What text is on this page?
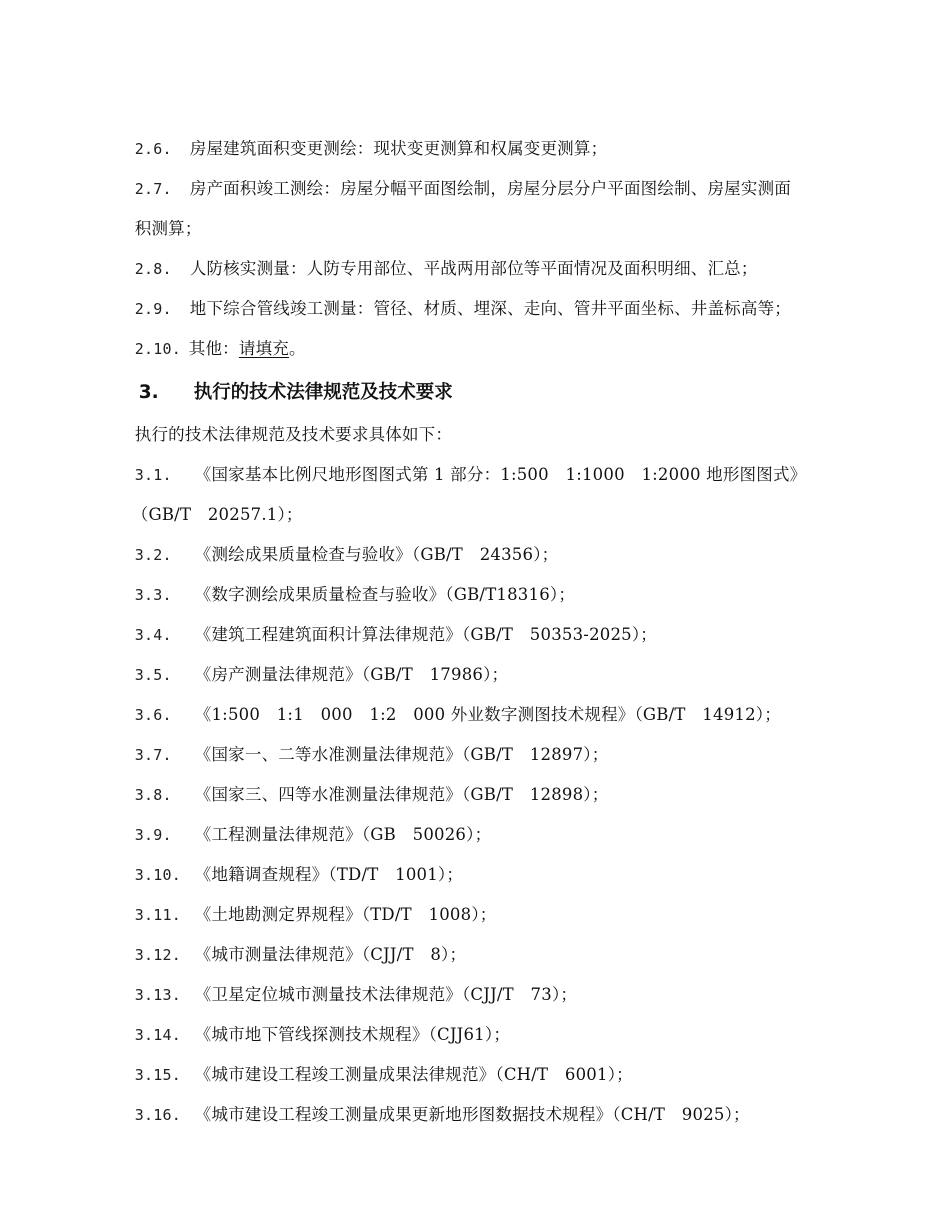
2.6. 房屋建筑面积变更测绘：现状变更测算和权属变更测算；

2.7. 房产面积竣工测绘：房屋分幅平面图绘制，房屋分层分户平面图绘制、房屋实测面

积测算；

2.8. 人防核实测量：人防专用部位、平战两用部位等平面情况及面积明细、汇总；

2.9. 地下综合管线竣工测量：管径、材质、埋深、走向、管井平面坐标、井盖标高等；

2.10. 其他：请填充。

3. 执行的技术法律规范及技术要求

执行的技术法律规范及技术要求具体如下：

3.1. 《国家基本比例尺地形图图式第 1 部分：1:500　1:1000　1:2000 地形图图式》

（GB/T　20257.1）；

3.2. 《测绘成果质量检查与验收》（GB/T　24356）；

3.3. 《数字测绘成果质量检查与验收》（GB/T18316）；

3.4. 《建筑工程建筑面积计算法律规范》（GB/T　50353-2025）；

3.5. 《房产测量法律规范》（GB/T　17986）；

3.6. 《1:500　1:1　000　1:2　000 外业数字测图技术规程》（GB/T　14912）；

3.7. 《国家一、二等水准测量法律规范》（GB/T　12897）；

3.8. 《国家三、四等水准测量法律规范》（GB/T　12898）；

3.9. 《工程测量法律规范》（GB　50026）；

3.10. 《地籍调查规程》（TD/T　1001）；

3.11. 《土地勘测定界规程》（TD/T　1008）；

3.12. 《城市测量法律规范》（CJJ/T　8）；

3.13. 《卫星定位城市测量技术法律规范》（CJJ/T　73）；

3.14. 《城市地下管线探测技术规程》（CJJ61）；

3.15. 《城市建设工程竣工测量成果法律规范》（CH/T　6001）；

3.16. 《城市建设工程竣工测量成果更新地形图数据技术规程》（CH/T　9025）；
